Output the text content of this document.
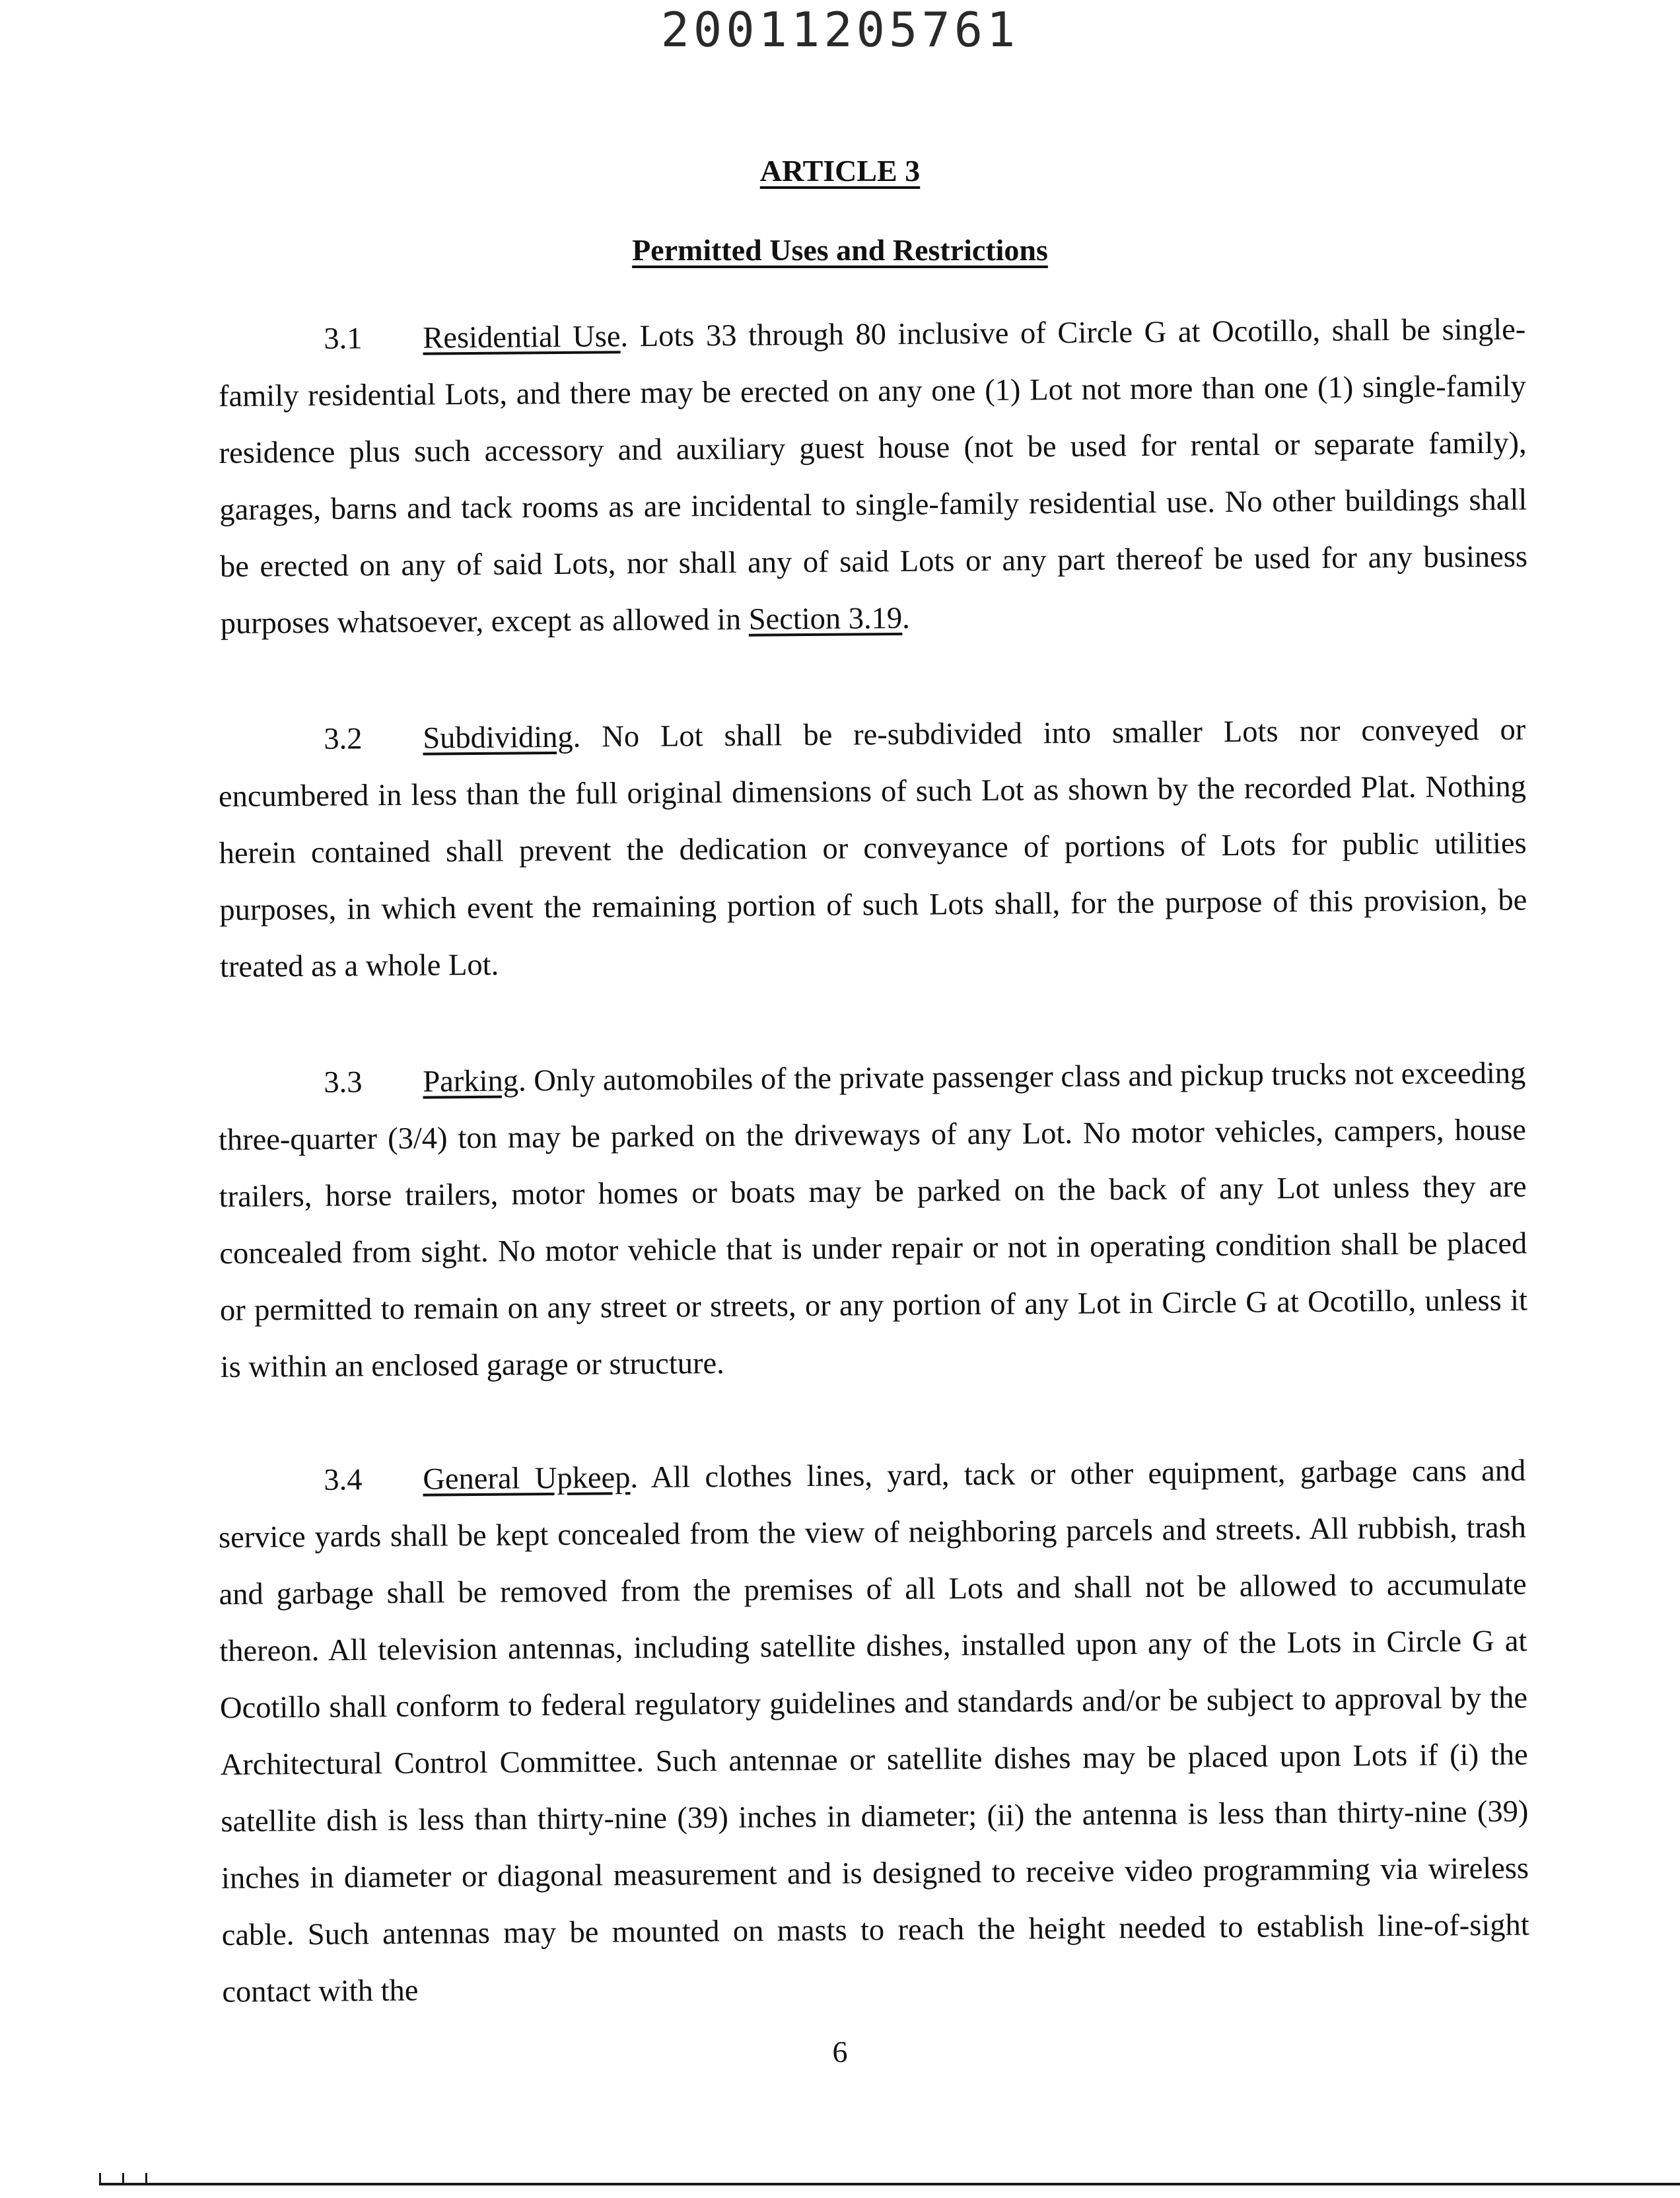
20011205761
ARTICLE 3
Permitted Uses and Restrictions
3.1 Residential Use. Lots 33 through 80 inclusive of Circle G at Ocotillo, shall be single-family residential Lots, and there may be erected on any one (1) Lot not more than one (1) single-family residence plus such accessory and auxiliary guest house (not be used for rental or separate family), garages, barns and tack rooms as are incidental to single-family residential use. No other buildings shall be erected on any of said Lots, nor shall any of said Lots or any part thereof be used for any business purposes whatsoever, except as allowed in Section 3.19.
3.2 Subdividing. No Lot shall be re-subdivided into smaller Lots nor conveyed or encumbered in less than the full original dimensions of such Lot as shown by the recorded Plat. Nothing herein contained shall prevent the dedication or conveyance of portions of Lots for public utilities purposes, in which event the remaining portion of such Lots shall, for the purpose of this provision, be treated as a whole Lot.
3.3 Parking. Only automobiles of the private passenger class and pickup trucks not exceeding three-quarter (3/4) ton may be parked on the driveways of any Lot. No motor vehicles, campers, house trailers, horse trailers, motor homes or boats may be parked on the back of any Lot unless they are concealed from sight. No motor vehicle that is under repair or not in operating condition shall be placed or permitted to remain on any street or streets, or any portion of any Lot in Circle G at Ocotillo, unless it is within an enclosed garage or structure.
3.4 General Upkeep. All clothes lines, yard, tack or other equipment, garbage cans and service yards shall be kept concealed from the view of neighboring parcels and streets. All rubbish, trash and garbage shall be removed from the premises of all Lots and shall not be allowed to accumulate thereon. All television antennas, including satellite dishes, installed upon any of the Lots in Circle G at Ocotillo shall conform to federal regulatory guidelines and standards and/or be subject to approval by the Architectural Control Committee. Such antennae or satellite dishes may be placed upon Lots if (i) the satellite dish is less than thirty-nine (39) inches in diameter; (ii) the antenna is less than thirty-nine (39) inches in diameter or diagonal measurement and is designed to receive video programming via wireless cable. Such antennas may be mounted on masts to reach the height needed to establish line-of-sight contact with the
6
